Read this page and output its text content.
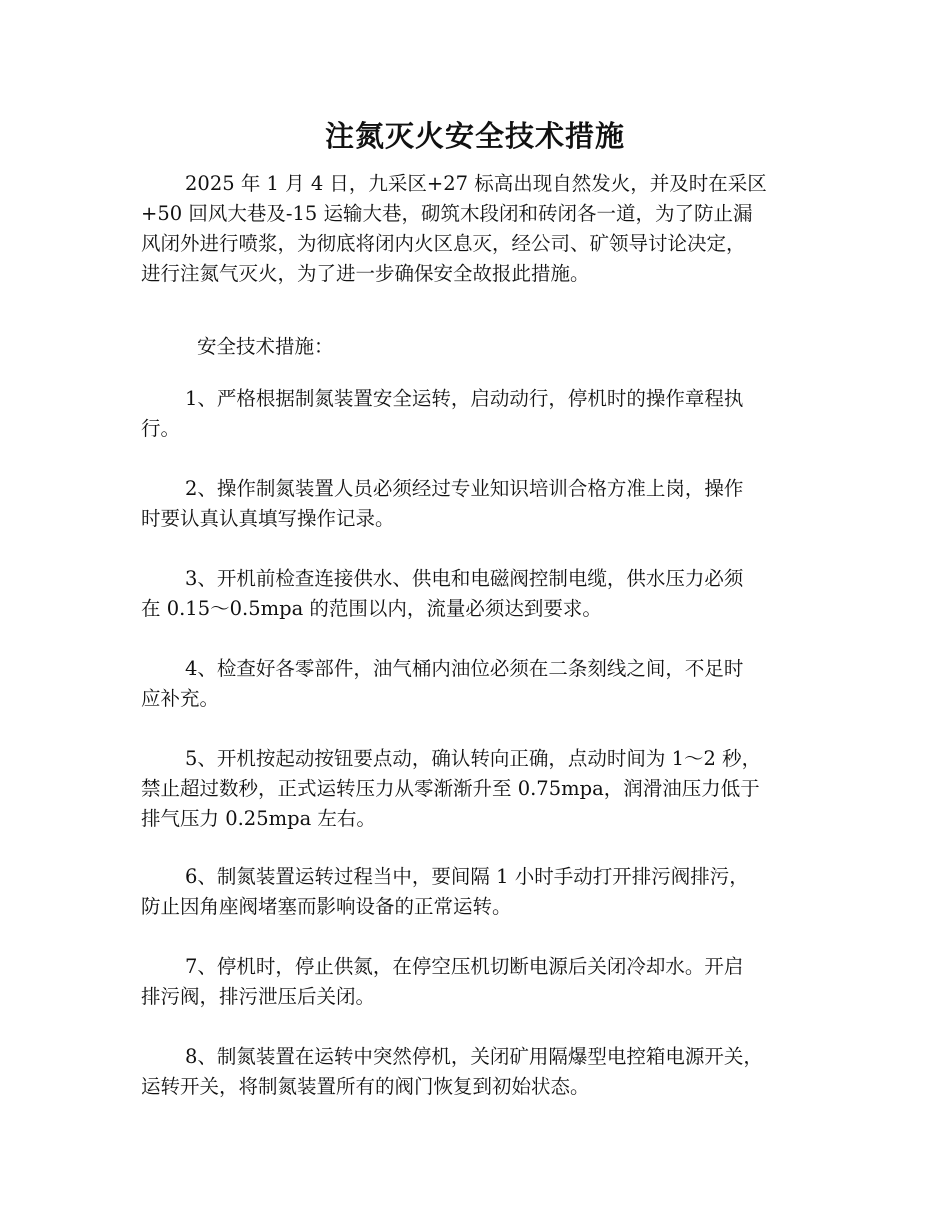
注氮灭火安全技术措施
2025 年 1 月 4 日，九采区+27 标高出现自然发火，并及时在采区
+50 回风大巷及-15 运输大巷，砌筑木段闭和砖闭各一道，为了防止漏
风闭外进行喷浆，为彻底将闭内火区息灭，经公司、矿领导讨论决定，
进行注氮气灭火，为了进一步确保安全故报此措施。
安全技术措施：
1、严格根据制氮装置安全运转，启动动行，停机时的操作章程执
行。
2、操作制氮装置人员必须经过专业知识培训合格方准上岗，操作
时要认真认真填写操作记录。
3、开机前检查连接供水、供电和电磁阀控制电缆，供水压力必须
在 0.15～0.5mpa 的范围以内，流量必须达到要求。
4、检查好各零部件，油气桶内油位必须在二条刻线之间，不足时
应补充。
5、开机按起动按钮要点动，确认转向正确，点动时间为 1～2 秒，
禁止超过数秒，正式运转压力从零渐渐升至 0.75mpa，润滑油压力低于
排气压力 0.25mpa 左右。
6、制氮装置运转过程当中，要间隔 1 小时手动打开排污阀排污，
防止因角座阀堵塞而影响设备的正常运转。
7、停机时，停止供氮，在停空压机切断电源后关闭冷却水。开启
排污阀，排污泄压后关闭。
8、制氮装置在运转中突然停机，关闭矿用隔爆型电控箱电源开关，
运转开关，将制氮装置所有的阀门恢复到初始状态。
